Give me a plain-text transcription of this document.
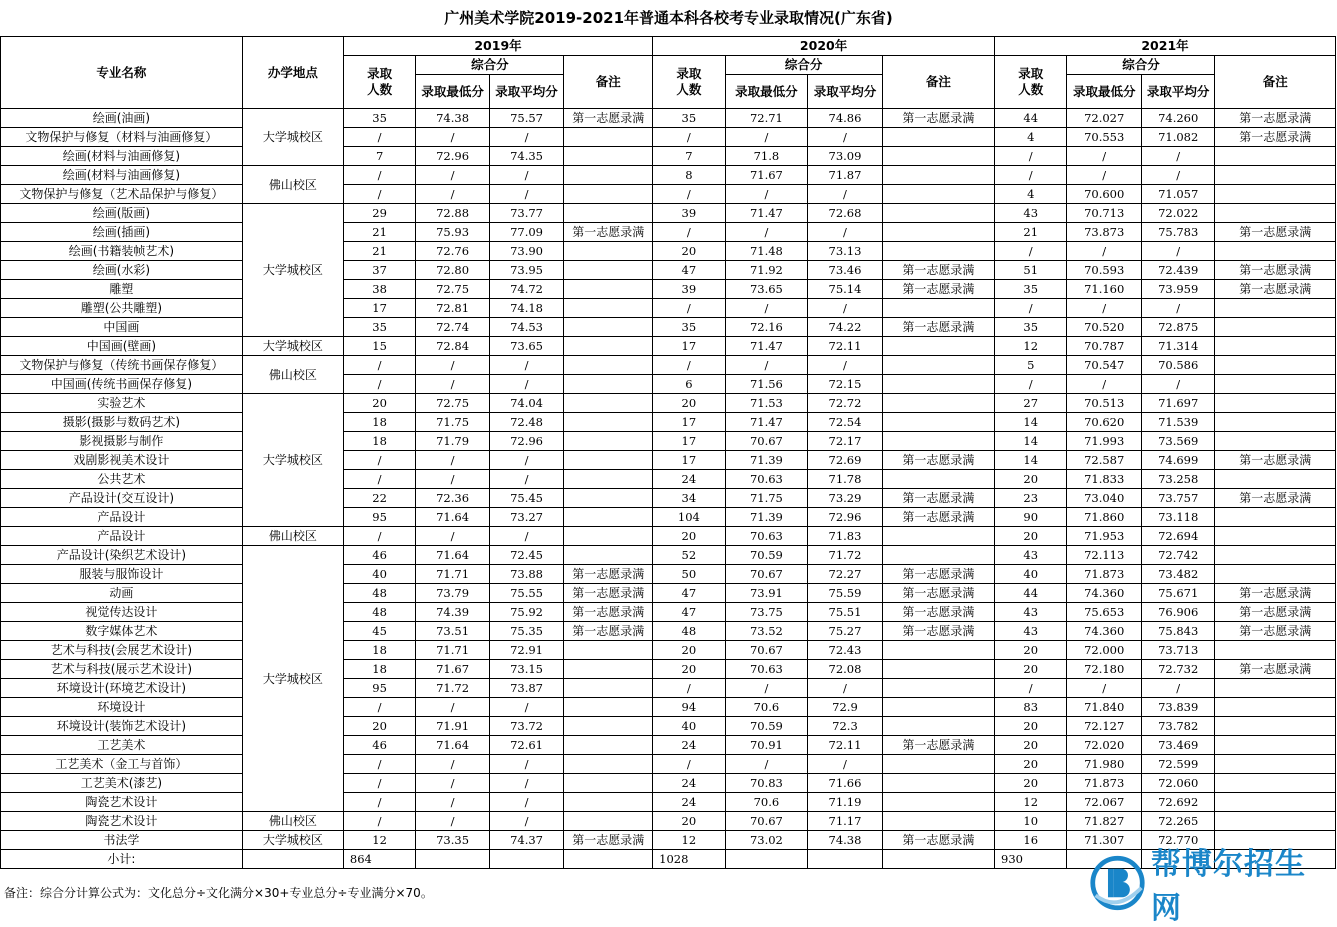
广州美术学院2019-2021年普通本科各校考专业录取情况(广东省)
专业名称	办学地点	2019年				2020年				2021年			
		录取人数	综合分		备注	录取人数	综合分		备注	录取人数	综合分		备注
			录取最低分	录取平均分			录取最低分	录取平均分			录取最低分	录取平均分	
绘画(油画)	大学城校区	35	74.38	75.57	第一志愿录满	35	72.71	74.86	第一志愿录满	44	72.027	74.260	第一志愿录满
文物保护与修复（材料与油画修复）		/	/	/		/	/	/		4	70.553	71.082	第一志愿录满
绘画(材料与油画修复)		7	72.96	74.35		7	71.8	73.09		/	/	/	
绘画(材料与油画修复)	佛山校区	/	/	/		8	71.67	71.87		/	/	/	
文物保护与修复（艺术品保护与修复）		/	/	/		/	/	/		4	70.600	71.057	
绘画(版画)	大学城校区	29	72.88	73.77		39	71.47	72.68		43	70.713	72.022	
绘画(插画)		21	75.93	77.09	第一志愿录满	/	/	/		21	73.873	75.783	第一志愿录满
绘画(书籍装帧艺术)		21	72.76	73.90		20	71.48	73.13		/	/	/	
绘画(水彩)		37	72.80	73.95		47	71.92	73.46	第一志愿录满	51	70.593	72.439	第一志愿录满
雕塑		38	72.75	74.72		39	73.65	75.14	第一志愿录满	35	71.160	73.959	第一志愿录满
雕塑(公共雕塑)		17	72.81	74.18		/	/	/		/	/	/	
中国画		35	72.74	74.53		35	72.16	74.22	第一志愿录满	35	70.520	72.875	
中国画(壁画)	大学城校区	15	72.84	73.65		17	71.47	72.11		12	70.787	71.314	
文物保护与修复（传统书画保存修复）	佛山校区	/	/	/		/	/	/		5	70.547	70.586	
中国画(传统书画保存修复)		/	/	/		6	71.56	72.15		/	/	/	
实验艺术	大学城校区	20	72.75	74.04		20	71.53	72.72		27	70.513	71.697	
摄影(摄影与数码艺术)		18	71.75	72.48		17	71.47	72.54		14	70.620	71.539	
影视摄影与制作		18	71.79	72.96		17	70.67	72.17		14	71.993	73.569	
戏剧影视美术设计		/	/	/		17	71.39	72.69	第一志愿录满	14	72.587	74.699	第一志愿录满
公共艺术		/	/	/		24	70.63	71.78		20	71.833	73.258	
产品设计(交互设计)		22	72.36	75.45		34	71.75	73.29	第一志愿录满	23	73.040	73.757	第一志愿录满
产品设计		95	71.64	73.27		104	71.39	72.96	第一志愿录满	90	71.860	73.118	
产品设计	佛山校区	/	/	/		20	70.63	71.83		20	71.953	72.694	
产品设计(染织艺术设计)	大学城校区	46	71.64	72.45		52	70.59	71.72		43	72.113	72.742	
服装与服饰设计		40	71.71	73.88	第一志愿录满	50	70.67	72.27	第一志愿录满	40	71.873	73.482	
动画		48	73.79	75.55	第一志愿录满	47	73.91	75.59	第一志愿录满	44	74.360	75.671	第一志愿录满
视觉传达设计		48	74.39	75.92	第一志愿录满	47	73.75	75.51	第一志愿录满	43	75.653	76.906	第一志愿录满
数字媒体艺术		45	73.51	75.35	第一志愿录满	48	73.52	75.27	第一志愿录满	43	74.360	75.843	第一志愿录满
艺术与科技(会展艺术设计)		18	71.71	72.91		20	70.67	72.43		20	72.000	73.713	
艺术与科技(展示艺术设计)		18	71.67	73.15		20	70.63	72.08		20	72.180	72.732	第一志愿录满
环境设计(环境艺术设计)		95	71.72	73.87		/	/	/		/	/	/	
环境设计		/	/	/		94	70.6	72.9		83	71.840	73.839	
环境设计(装饰艺术设计)		20	71.91	73.72		40	70.59	72.3		20	72.127	73.782	
工艺美术		46	71.64	72.61		24	70.91	72.11	第一志愿录满	20	72.020	73.469	
工艺美术（金工与首饰）		/	/	/		/	/	/		20	71.980	72.599	
工艺美术(漆艺)		/	/	/		24	70.83	71.66		20	71.873	72.060	
陶瓷艺术设计		/	/	/		24	70.6	71.19		12	72.067	72.692	
陶瓷艺术设计	佛山校区	/	/	/		20	70.67	71.17		10	71.827	72.265	
书法学	大学城校区	12	73.35	74.37	第一志愿录满	12	73.02	74.38	第一志愿录满	16	71.307	72.770	
小计:		864				1028				930			
备注：综合分计算公式为：文化总分÷文化满分×30+专业总分÷专业满分×70。
帮博尔招生网
